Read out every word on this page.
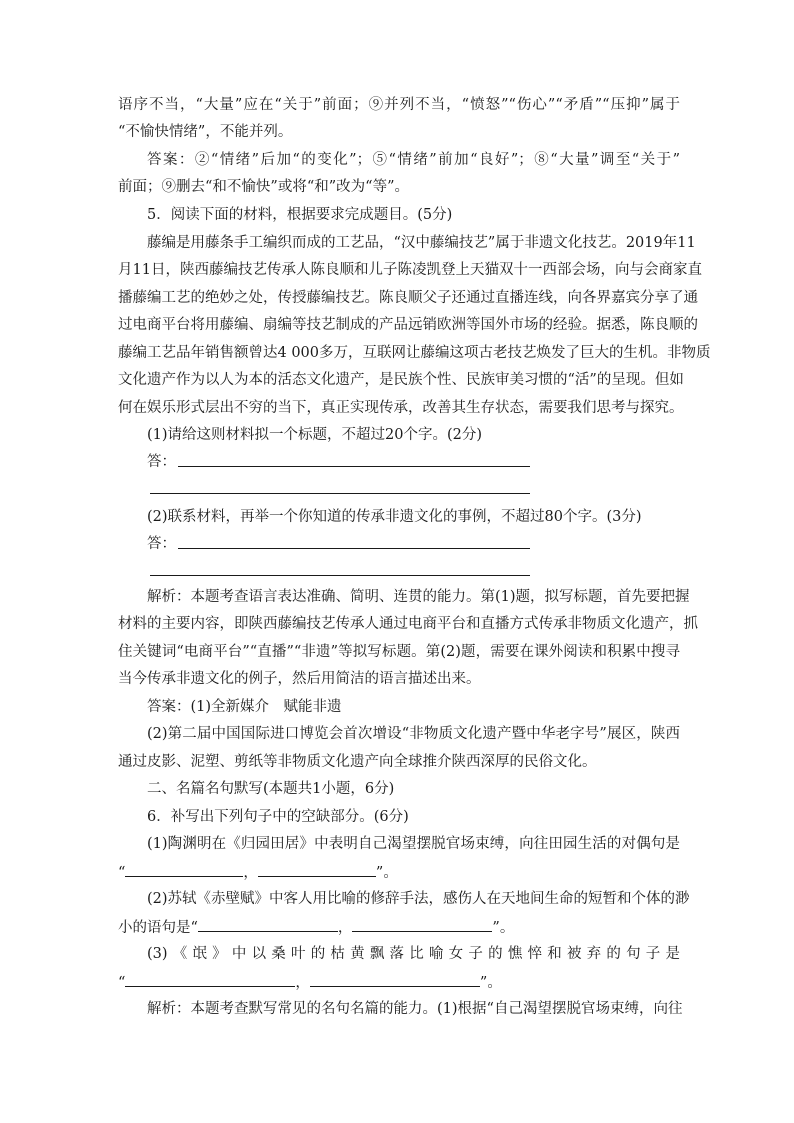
语序不当，“大量”应在“关于”前面；⑨并列不当，“愤怒”“伤心”“矛盾”“压抑”属于
“不愉快情绪”，不能并列。
答案：②“情绪”后加“的变化”；⑤“情绪”前加“良好”；⑧“大量”调至“关于”
前面；⑨删去“和不愉快”或将“和”改为“等”。
5．阅读下面的材料，根据要求完成题目。(5分)
藤编是用藤条手工编织而成的工艺品，“汉中藤编技艺”属于非遗文化技艺。2019年11
月11日，陕西藤编技艺传承人陈良顺和儿子陈凌凯登上天猫双十一西部会场，向与会商家直
播藤编工艺的绝妙之处，传授藤编技艺。陈良顺父子还通过直播连线，向各界嘉宾分享了通
过电商平台将用藤编、扇编等技艺制成的产品远销欧洲等国外市场的经验。据悉，陈良顺的
藤编工艺品年销售额曾达4 000多万，互联网让藤编这项古老技艺焕发了巨大的生机。非物质
文化遗产作为以人为本的活态文化遗产，是民族个性、民族审美习惯的“活”的呈现。但如
何在娱乐形式层出不穷的当下，真正实现传承，改善其生存状态，需要我们思考与探究。
(1)请给这则材料拟一个标题，不超过20个字。(2分)
答：
(2)联系材料，再举一个你知道的传承非遗文化的事例，不超过80个字。(3分)
答：
解析：本题考查语言表达准确、简明、连贯的能力。第(1)题，拟写标题，首先要把握
材料的主要内容，即陕西藤编技艺传承人通过电商平台和直播方式传承非物质文化遗产，抓
住关键词“电商平台”“直播”“非遗”等拟写标题。第(2)题，需要在课外阅读和积累中搜寻
当今传承非遗文化的例子，然后用简洁的语言描述出来。
答案：(1)全新媒介　赋能非遗
(2)第二届中国国际进口博览会首次增设“非物质文化遗产暨中华老字号”展区，陕西
通过皮影、泥塑、剪纸等非物质文化遗产向全球推介陕西深厚的民俗文化。
二、名篇名句默写(本题共1小题，6分)
6．补写出下列句子中的空缺部分。(6分)
(1)陶渊明在《归园田居》中表明自己渴望摆脱官场束缚，向往田园生活的对偶句是
“	，	”。
(2)苏轼《赤壁赋》中客人用比喻的修辞手法，感伤人在天地间生命的短暂和个体的渺
小的语句是“	，	”。
(3)《氓》中以桑叶的枯黄飘落比喻女子的憔悴和被弃的句子是
“	，	”。
解析：本题考查默写常见的名句名篇的能力。(1)根据“自己渴望摆脱官场束缚，向往
